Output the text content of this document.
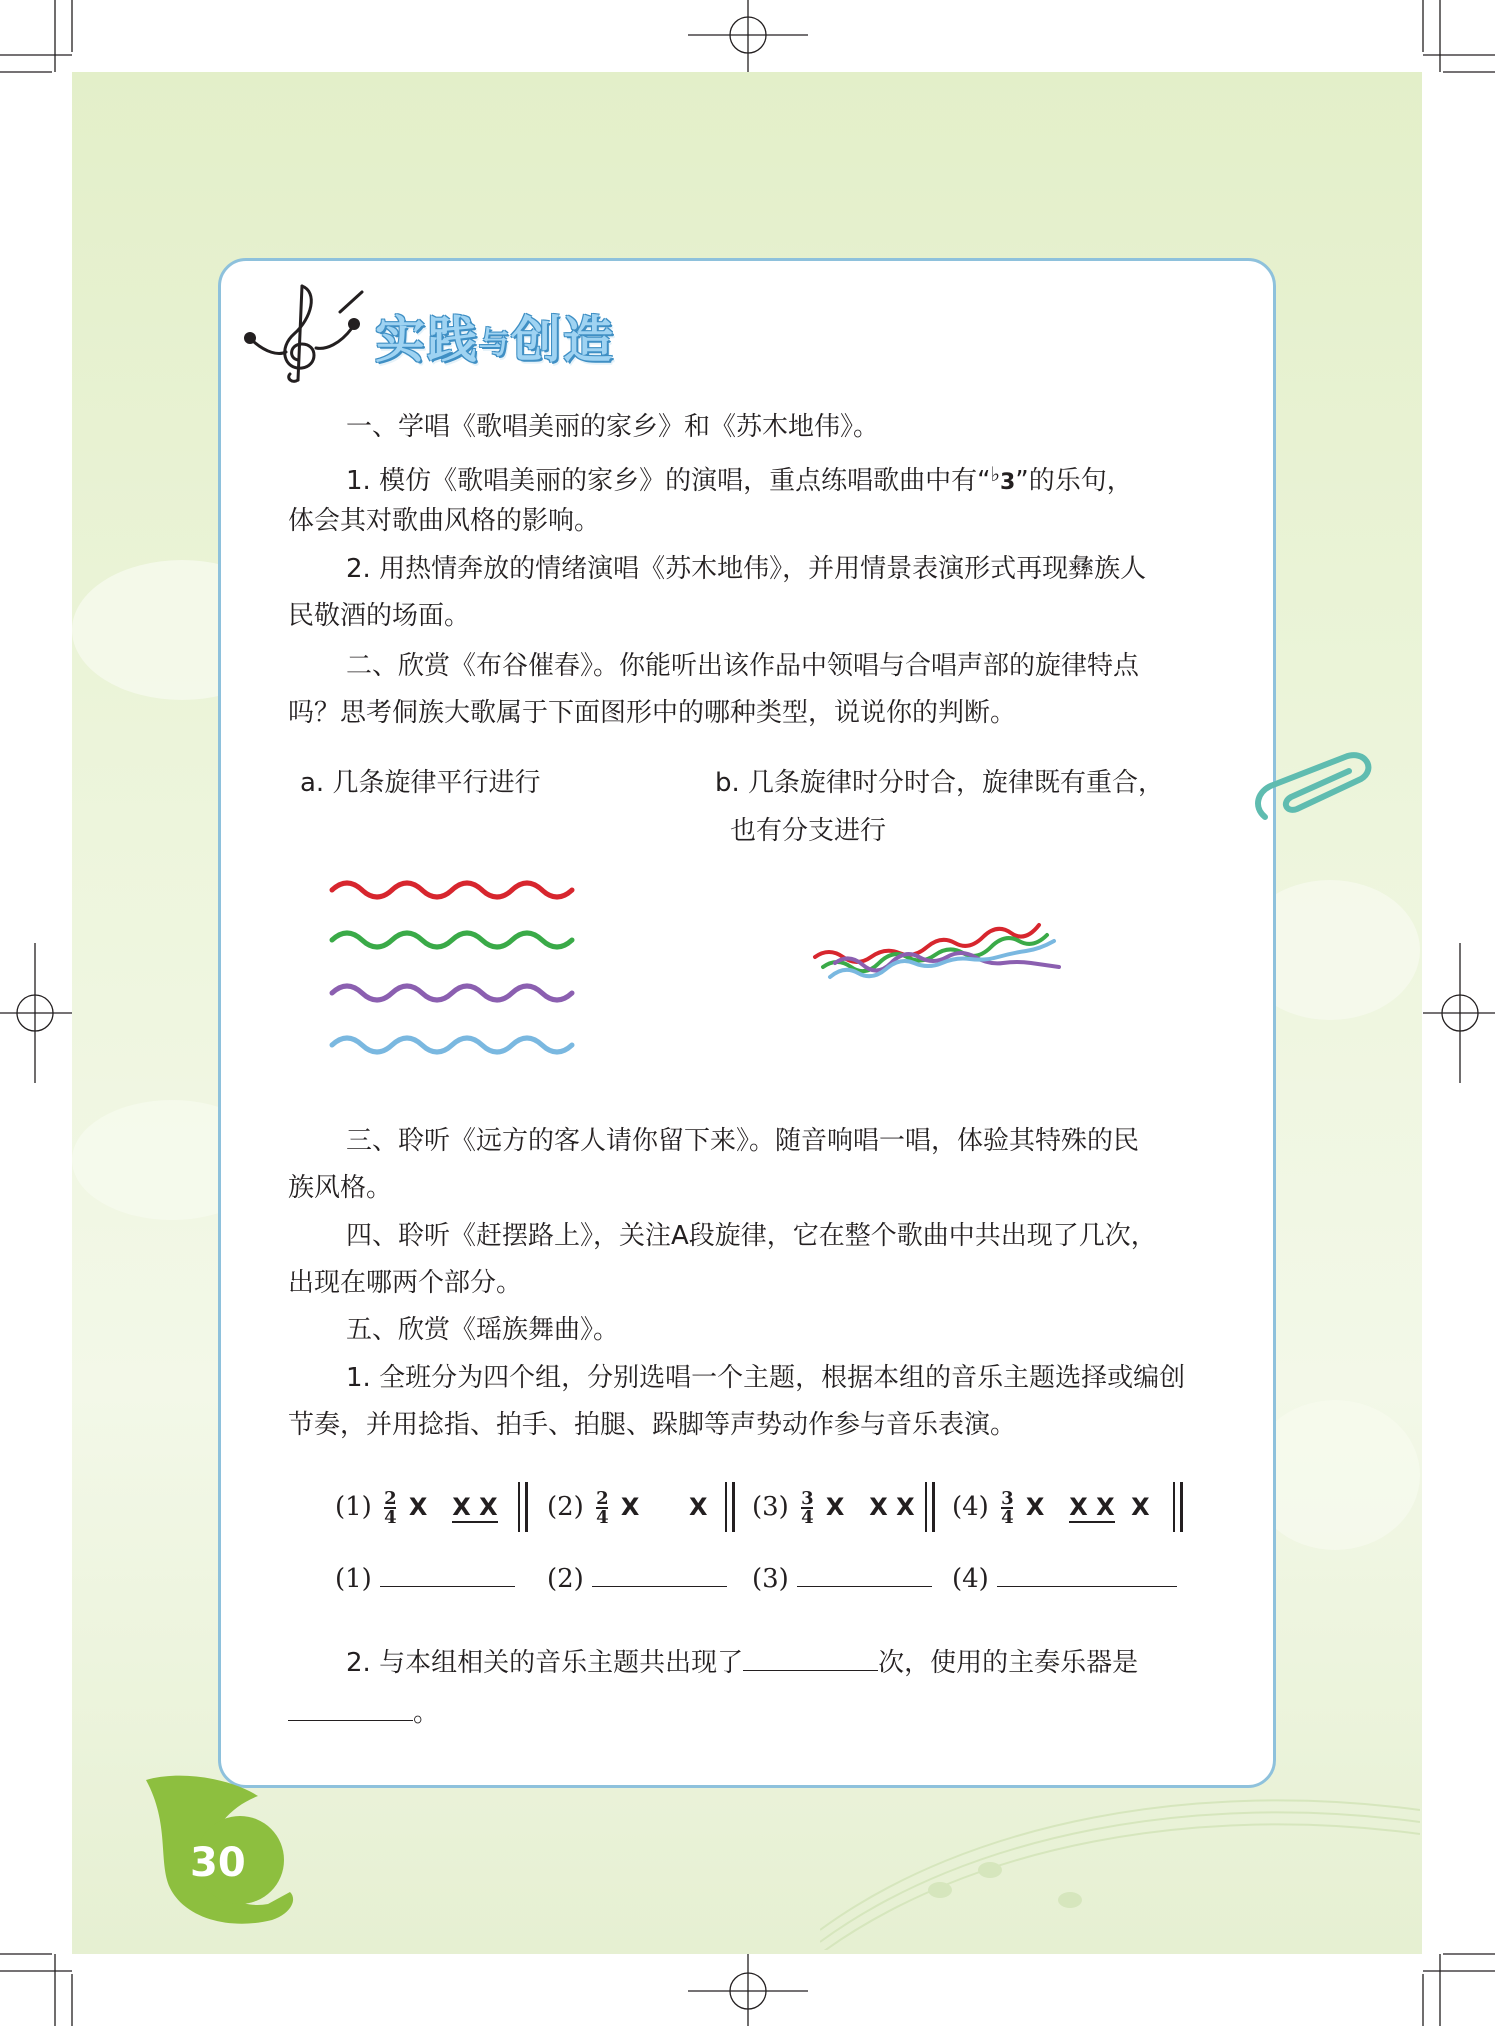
实践与创造

一、学唱《歌唱美丽的家乡》和《苏木地伟》。

1. 模仿《歌唱美丽的家乡》的演唱，重点练唱歌曲中有“♭3”的乐句，

体会其对歌曲风格的影响。

2. 用热情奔放的情绪演唱《苏木地伟》，并用情景表演形式再现彝族人

民敬酒的场面。

二、欣赏《布谷催春》。你能听出该作品中领唱与合唱声部的旋律特点

吗？思考侗族大歌属于下面图形中的哪种类型，说说你的判断。

a. 几条旋律平行进行	b. 几条旋律时分时合，旋律既有重合，
也有分支进行

三、聆听《远方的客人请你留下来》。随音响唱一唱，体验其特殊的民

族风格。

四、聆听《赶摆路上》，关注A段旋律，它在整个歌曲中共出现了几次，

出现在哪两个部分。

五、欣赏《瑶族舞曲》。

1. 全班分为四个组，分别选唱一个主题，根据本组的音乐主题选择或编创

节奏，并用捻指、拍手、拍腿、跺脚等声势动作参与音乐表演。

$(1) \frac{2}{4}$ X X X $(2) \frac{2}{4}$ X X $(3) \frac{3}{4}$ X X X $(4) \frac{3}{4}$ X X X X
(1)	(2)	(3)	(4)

2. 与本组相关的音乐主题共出现了	次，使用的主奏乐器是

。

30
